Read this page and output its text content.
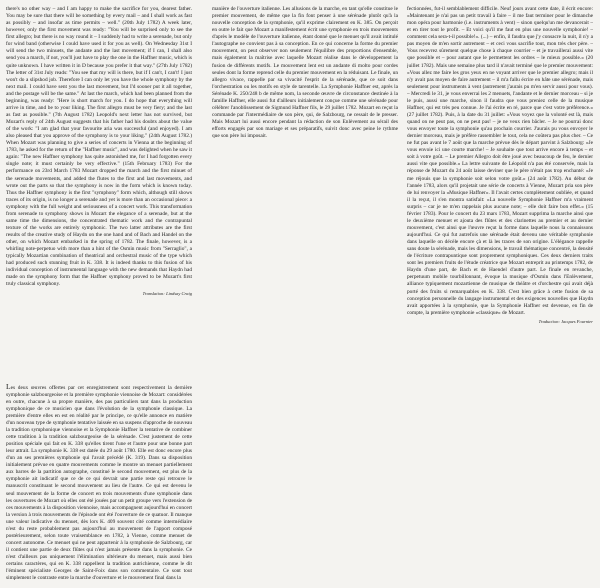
there's no other way – and I am happy to make the sacrifice for you, dearest father. You may be sure that there will be something by every mail – and I shall work as fast as possibly – and insofar as time permits – well." (20th July 1782) A week later, however, only the first movement was ready: "You will be surprised only to see the first allegro; but there is no way round it – I suddenly had to write a serenade, but only for wind band (otherwise I could have used it for you as well). On Wednesday 31st I will send the two minuets, the andante and the last movement; if I can, I shall also send you a march, if not, you'll just have to play the one in the Haffner music, which is quite unknown. I have written it in D because you prefer it that way." (27th July 1782) The letter of 31st July reads: "You see that my will is there, but if I can't, I can't! I just won't do a slipshod job. Therefore I can only let you have the whole symphony by the next mail. I could have sent you the last movement, but I'd sooner put it all together, and the postage will be the same." At last the march, which had been planned from the beginning, was ready: "Here is short march for you. I do hope that everything will arrive in time, and be to your liking. The first allegro must be very fiery; and the last as fast as possible." (7th August 1782) Leopold's next letter has not survived, but Mozart's reply of 24th August suggests that his father had his doubts about the value of the work: "I am glad that your favourite aria was successful (and enjoyed). I am also pleased that you approve of the symphony is to your liking." (24th August 1782.) When Mozart was planning to give a series of concerts in Vienna at the beginning of 1783, he asked for the return of the "Haffner music", and was delighted when he saw it again: "The new Haffner symphony has quite astonished me, for I had forgotten every single note; it must certainly be very effective." (15th February 1783) For the performance on 23rd March 1783 Mozart dropped the march and the first minuet of the serenade movements, and added the flutes to the first and last movements, and wrote out the parts so that the symphony is now in the form which is known today. Thus the Haffner symphony is the first "symphony" form which, although still shows traces of its origin, is no longer a serenade and yet is more than an occasional piece: a symphony with the full weight and seriousness of a concert work. This transformation from serenade to symphony shows in Mozart the elegance of a serenade, but at the same time the dimensions, the concentrated thematic work and the contrapuntal texture of the works are entirely symphonic. The two latter attributes are the first results of the creative study of Haydn on the one hand and of Bach and Handel on the other, on which Mozart embarked in the spring of 1782. The finale, however, is a whirling note-perpetuo with more than a hint of the Osmin music from "Serraglio", a typically Mozartian combination of theatrical and orchestral music of the type which had produced such stunning fruit in K. 338. It is indeed thanks to this fusion of his individual conception of instrumental language with the new demands that Haydn had made on the symphony form that the Haffner symphony proved to be Mozart's first truly classical symphony.

Translation: Lindsay Craig

Les deux œuvres offertes par cet enregistrement sont respectivement la dernière symphonie salzbourgeoise et la première symphonie viennoise de Mozart: considérées en outre, chacune à sa propre manière, des pas particuliers tant dans la production symphonique de ce musicien que dans l'évolution de la symphonie classique. La première d'entre elles en est en réalité par le principe, ce qu'elle annonce en matière d'un nouveau type de symphonie tentative laissée en sa suspens d'approche de nouveau la tradition symphonique viennoise et la Symphonie Haffner la tentative de combiner cette tradition à la tradition salzbourgeoise de la sérénade. C'est justement de cette position spéciale qui fait en K. 338 qu'elles tirent l'une et l'autre pour une bonne part leur attrait. La symphonie K. 338 est datée du 29 août 1780. Elle est donc encore plus d'un an ses premières symphonie qui l'avait précédé (K. 319). Dans sa disposition initialement prévue en quatre mouvements comme le montre un menuet partiellement aux barres de la partition autographe, constitué le second mouvement, est plus de la symphonie ait indicatif que ce de ce qui devrait une partie reste qui retrouve le manuscrit constituant le second mouvement au lieu de l'autre. Ce qui est devenu le seul mouvement de la forme de concert en trois mouvements d'une symphonie dans les ouvertures de Mozart où elles ont été jouées par un petit groupe vers l'extension de ces mouvements à la disposition viennoise, mais accompagnent aujourd'hui en concert la version à trois mouvements de l'épisode ont été l'ouverture de ce quatuor. Il manque une valeur indicative du menuet, dès lors K. 409 souvent cité comme intermédiaire n'est du reste probablement pas aujourd'hui au mouvement de l'apport composé postérieurement, selon toute vraisemblance en 1782, à Vienne, comme menuet de concert autonome. Ce menuet qui ne peut appartenir à la symphonie de Salzbourg, car il contient une partie de deux flûtes qui n'est jamais présente dans la symphonie. Ce n'est d'ailleurs pas uniquement l'élimination ultérieure du menuet, mais aussi bien certains caractères, qui en K. 338 rappellent la tradition autrichienne, comme le dit l'éminent spécialiste Georges de Saint-Foix dans son commentaire. Ce sont tout simplement le contraste entre la marche d'ouverture et le mouvement final dans la

manière de l'ouverture italienne. Les allusions de la marche, en tant qu'elle constitue le premier mouvement, de même que la fin font penser à une sérénade plutôt qu'à la nouvelle conception de la symphonie, qu'il exprime clairement en K. 385. On perçoit en outre le fait que Mozart a manifestement écrit une symphonie en trois mouvements d'après le modèle de l'ouverture italienne, étant donné que le menuet qu'il avait intitulé l'autographe ne convient pas à sa conception. En ce qui concerne la forme du premier mouvement, on peut observer non seulement l'équilibre des proportions d'ensemble, mais également la maîtrise avec laquelle Mozart réalise dans le développement la fusion de différents motifs. Le mouvement lent est un andante di molto pour cordes seules dont la forme reprend celle du premier mouvement en la réduisant. Le finale, un allegro vivace, rappelle par sa vivacité l'esprit de la sérénade, que ce soit dans l'orchestration ou les motifs en style de tarentelle. La Symphonie Haffner est, après la Sérénade K. 250/248 b de même nom, la seconde œuvre de circonstance destinée à la famille Haffner, elle aussi fut d'ailleurs initialement conçue comme une sérénade pour célébrer l'anoblissement de Sigmund Haffner fils, le 29 juillet 1782. Mozart en reçut la commande par l'intermédiaire de son père, qui, de Salzbourg, ne cessait de le presser. Mais Mozart lui aussi encore pendant la rédaction de son Enlèvement au sérail des efforts engagés par son mariage et ses préparatifs, suivit donc avec peine le rythme que son père lui imposait.

fectionnées, fut-il semblablement difficile. Neuf jours avant cette date, il écrit encore: «Maintenant je n'ai pas un petit travail à faire – il me faut terminer pour le dimanche mon opéra pour harmonie (i.e. instruments à vent) – sinon quelqu'un me devancerait – et en tirer tout le profit. – Et voici qu'il me faut en plus une nouvelle symphonie! – comment cela sera-t-il possible!». (...) – enfin, il faudra que j'y consacre la nuit, il n'y a pas moyen de m'en sortir autrement – et ceci vous sacrifie tout, mon très cher père. – Vous recevrez sûrement quelque chose à chaque courrier – et je travaillerai aussi vite que possible et – pour autant que le permettent les ordres – le mieux possible.» (20 juillet 1782). Mais une semaine plus tard il n'avait terminé que le premier mouvement: «Vous allez me faire les gros yeux en ne voyant arriver que le premier allegro; mais il n'y avait pas moyen de faire autrement – il m'a fallu écrire en hâte une sérénade, mais seulement pour instruments à vent (autrement j'aurais pu m'en servir aussi pour vous). – Mercredi le 31, je vous enverrai les 2 menuets, l'andante et le dernier morceau – si je le puis, aussi une marche, sinon il faudra que vous preniez celle de la musique Haffner, qui est très peu connue. Je l'ai écrite en ré, parce que c'est votre préférence.» (27 juillet 1782). Puis, à la date du 31 juillet: «Vous voyez que la volonté est là, mais quand on ne peut pas, on ne peut pas! – je ne veux rien bâcler. – Je ne pourrai donc vous envoyer toute la symphonie qu'au prochain courrier. J'aurais pu vous envoyer le dernier morceau, mais je préfère rassembler le tout, cela ne coûtera pas plus cher. – Ce ne fut pas avant le 7 août que la marche prévue dès le départ parvint à Salzbourg: «Je vous envoie ici une courte marche! – Je souhaite que tout arrive encore à temps – et soit à votre goût. – Le premier Allegro doit être joué avec beaucoup de feu, le dernier aussi vite que possible.» La lettre suivante de Léopold n'a pas été conservée, mais la réponse de Mozart du 24 août laisse deviner que le père n'était pas trop enchanté: «Je me réjouis que la symphonie soit selon votre goût.» (24 août 1782). Au début de l'année 1783, alors qu'il projetait une série de concerts à Vienne, Mozart pria son père de lui renvoyer la «Musique Haffner». Il l'avait certes complètement oubliée, et quand il la reçut, il s'en montra satisfait: «La nouvelle Symphonie Haffner m'a vraiment surpris – car je ne m'en rappelais plus aucune note; – elle doit faire bon effet.» (15 février 1783). Pour le concert du 23 mars 1783, Mozart supprima la marche ainsi que le deuxième menuet et ajouta des flûtes et des clarinettes au premier et au dernier mouvement, c'est ainsi que l'œuvre reçut la forme dans laquelle nous la connaissons aujourd'hui. Ce qui fut autrefois une sérénade était devenu une véritable symphonie dans laquelle on décèle encore çà et là les traces de son origine. L'élégance rappelle sans doute la sérénade, mais les dimensions, le travail thématique concentré, la densité de l'écriture contrapuntique sont proprement symphoniques. Ces deux derniers traits sont les premiers fruits de l'étude créatrice que Mozart entreprit au printemps 1782, de Haydn d'une part, de Bach et de Haendel d'autre part. Le finale en revanche, perpetuum mobile tourbillonnant, évoque la musique d'Osmin dans l'Enlèvement, alliance typiquement mozartienne de musique de théâtre et d'orchestre qui avait déjà porté des fruits si remarquables en K. 338. C'est bien grâce à cette fusion de sa conception personnelle du langage instrumental et des exigences nouvelles que Haydn avait apportées à la symphonie, que la Symphonie Haffner est devenue, en fin de compte, la première symphonie «classique» de Mozart.

Traduction: Jacques Fournier
